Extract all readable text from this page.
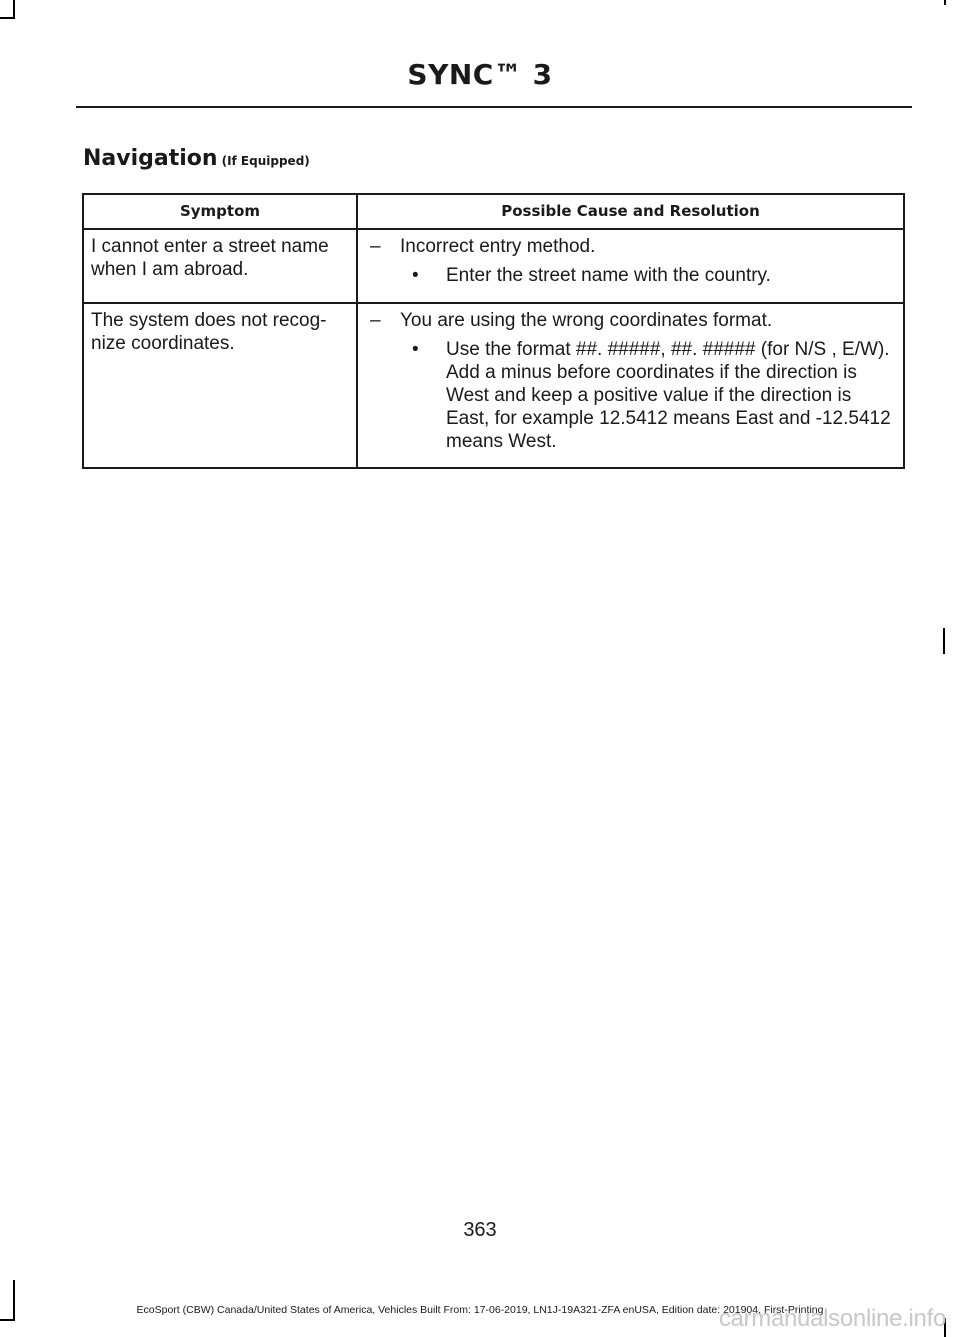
SYNC™ 3
Navigation (If Equipped)
Symptom	Possible Cause and Resolution
I cannot enter a street name when I am abroad.	– Incorrect entry method.
• Enter the street name with the country.

The system does not recog- nize coordinates.	– You are using the wrong coordinates format.
• Use the format ##. #####, ##. ##### (for N/S , E/W). Add a minus before coordinates if the direction is West and keep a positive value if the direction is East, for example 12.5412 means East and -12.5412 means West.
363
EcoSport (CBW) Canada/United States of America, Vehicles Built From: 17-06-2019, LN1J-19A321-ZFA enUSA, Edition date: 201904, First-Printing
carmanualsonline.info
